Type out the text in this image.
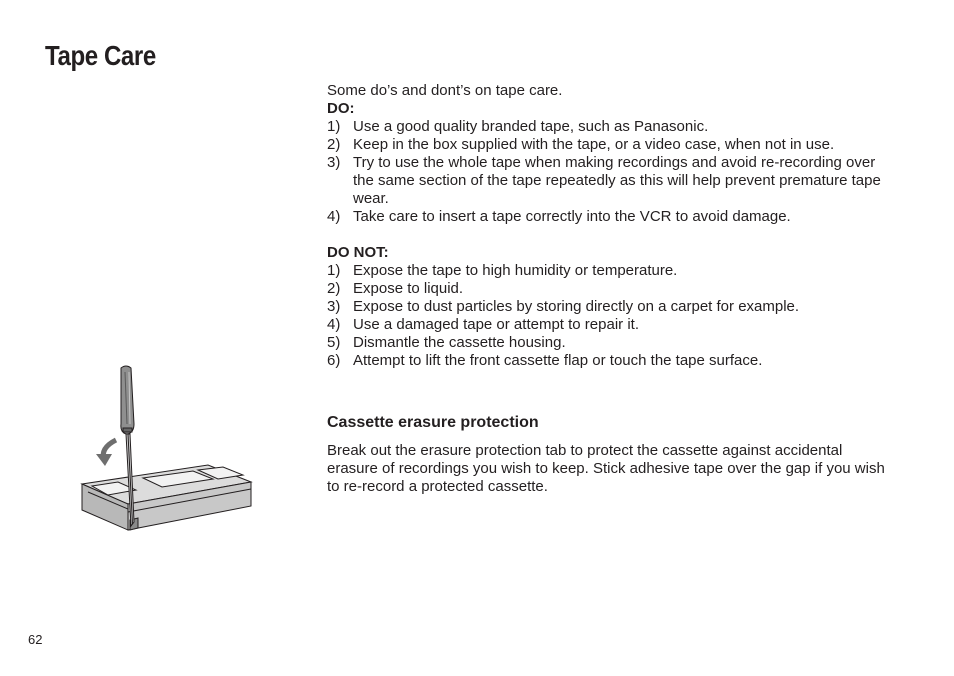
Tape Care

Some do’s and dont’s on tape care.

DO:

1) Use a good quality branded tape, such as Panasonic.
2) Keep in the box supplied with the tape, or a video case, when not in use.
3) Try to use the whole tape when making recordings and avoid re-recording over the same section of the tape repeatedly as this will help prevent premature tape wear.
4) Take care to insert a tape correctly into the VCR to avoid damage.

DO NOT:

1) Expose the tape to high humidity or temperature.
2) Expose to liquid.
3) Expose to dust particles by storing directly on a carpet for example.
4) Use a damaged tape or attempt to repair it.
5) Dismantle the cassette housing.
6) Attempt to lift the front cassette flap or touch the tape surface.

Cassette erasure protection

Break out the erasure protection tab to protect the cassette against accidental erasure of recordings you wish to keep. Stick adhesive tape over the gap if you wish to re-record a protected cassette.

62
